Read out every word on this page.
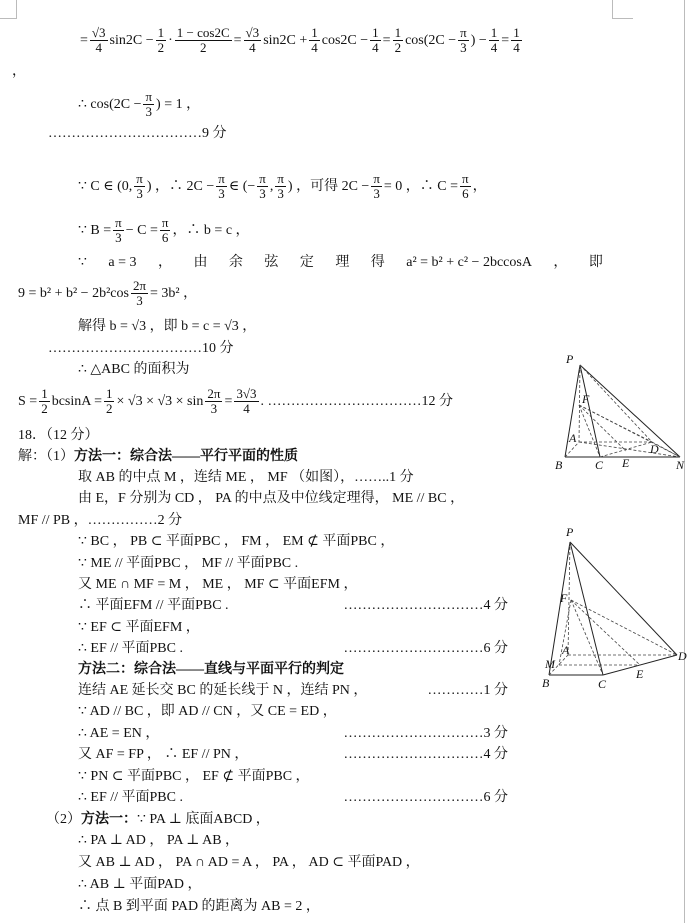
= $\frac{√3}{4} \sin 2C - \frac{1}{2} \cdot \frac{1 - \cos 2C}{2} = \frac{√3}{4} \sin 2C + \frac{1}{4} \cos 2C - \frac{1}{4} = \frac{1}{2} \cos(2C - \frac{\pi}{3}$ ) − $\frac{1}{4} = \frac{1}{4}$
，
∴ $\cos(2C - \frac{\pi}{3}$ ) = 1 ，
……………………………9 分
∵ C ∈ (0, $\frac{\pi}{3}$ ) ，∴ $2C - \frac{\pi}{3}$ ∈ (− $\frac{\pi}{3}$ , $\frac{\pi}{3}$ ) ，可得 $2C - \frac{\pi}{3} = 0$ ，∴ $C = \frac{\pi}{6}$ ，
∵ $B = \frac{\pi}{3} - C = \frac{\pi}{6}$ ，∴ b = c ，
∵ a = 3 ， 由 余 弦 定 理 得 a² = b² + c² − 2bccosA ， 即
$9 = b^2 + b^2 - 2b^2\cos \frac{2\pi}{3} = 3b^2$ ，
解得 b = √3 ，即 b = c = √3 ，
……………………………10 分
∴ △ABC 的面积为
$S = \frac{1}{2}$ $bcsinA = \frac{1}{2} \times √3 \times √3 \times \sin \frac{2\pi}{3} = \frac{3√3}{4}$ . ……………………………12 分
18．（12 分）
解：（1） 方法一：综合法——平行平面的性质
取 AB 的中点 M ，连结 ME ， MF （如图），……..1 分
由 E，F 分别为 CD ， PA 的中点及中位线定理得， ME // BC ，
MF // PB ，……………2 分
∵ BC ， PB ⊂ 平面PBC ， FM ， EM ⊄ 平面PBC ，
∵ ME // 平面PBC ， MF // 平面PBC .
又 ME ∩ MF = M ， ME ， MF ⊂ 平面EFM ，
∴ 平面EFM // 平面PBC .
∵ EF ⊂ 平面EFM ，
∴ EF // 平面PBC .
…………………………4 分
…………………………6 分
方法二：综合法——直线与平面平行的判定
连结 AE 延长交 BC 的延长线于 N ，连结 PN ，
∵ AD // BC ，即 AD // CN ，又 CE = ED ，
∴ AE = EN ，
又 AF = FP ， ∴ EF // PN ，
∵ PN ⊂ 平面PBC ， EF ⊄ 平面PBC ，
∴ EF // 平面PBC .
…………1 分
…………………………3 分
…………………………4 分
…………………………6 分
（2） 方法一： ∵ PA ⊥ 底面ABCD ，
∴ PA ⊥ AD ， PA ⊥ AB ，
又 AB ⊥ AD ， PA ∩ AD = A ， PA ， AD ⊂ 平面PAD ，
∴ AB ⊥ 平面PAD ，
∴ 点 B 到平面 PAD 的距离为 AB = 2 ，
P
F
A
B	C E
D
N
P
F
A
M
B	C
E
D
